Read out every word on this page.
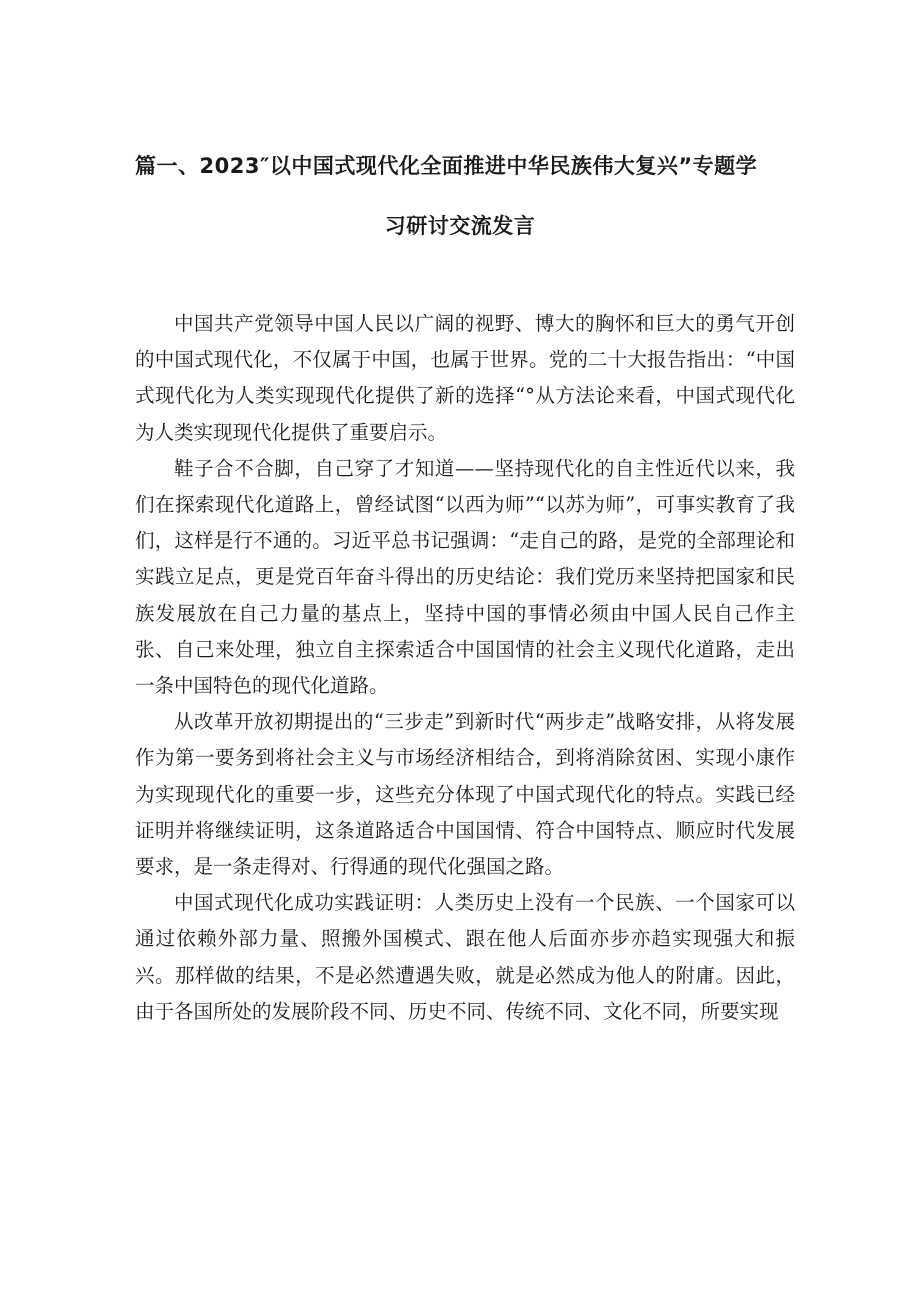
篇一、2023″以中国式现代化全面推进中华民族伟大复兴”专题学
习研讨交流发言

中国共产党领导中国人民以广阔的视野、博大的胸怀和巨大的勇气开创的中国式现代化，不仅属于中国，也属于世界。党的二十大报告指出：“中国式现代化为人类实现现代化提供了新的选择“°从方法论来看，中国式现代化为人类实现现代化提供了重要启示。

鞋子合不合脚，自己穿了才知道——坚持现代化的自主性近代以来，我们在探索现代化道路上，曾经试图“以西为师”“以苏为师”，可事实教育了我们，这样是行不通的。习近平总书记强调：“走自己的路，是党的全部理论和实践立足点，更是党百年奋斗得出的历史结论：我们党历来坚持把国家和民族发展放在自己力量的基点上，坚持中国的事情必须由中国人民自己作主张、自己来处理，独立自主探索适合中国国情的社会主义现代化道路，走出一条中国特色的现代化道路。

从改革开放初期提出的“三步走”到新时代“两步走”战略安排，从将发展作为第一要务到将社会主义与市场经济相结合，到将消除贫困、实现小康作为实现现代化的重要一步，这些充分体现了中国式现代化的特点。实践已经证明并将继续证明，这条道路适合中国国情、符合中国特点、顺应时代发展要求，是一条走得对、行得通的现代化强国之路。

中国式现代化成功实践证明：人类历史上没有一个民族、一个国家可以通过依赖外部力量、照搬外国模式、跟在他人后面亦步亦趋实现强大和振兴。那样做的结果，不是必然遭遇失败，就是必然成为他人的附庸。因此，由于各国所处的发展阶段不同、历史不同、传统不同、文化不同，所要实现
